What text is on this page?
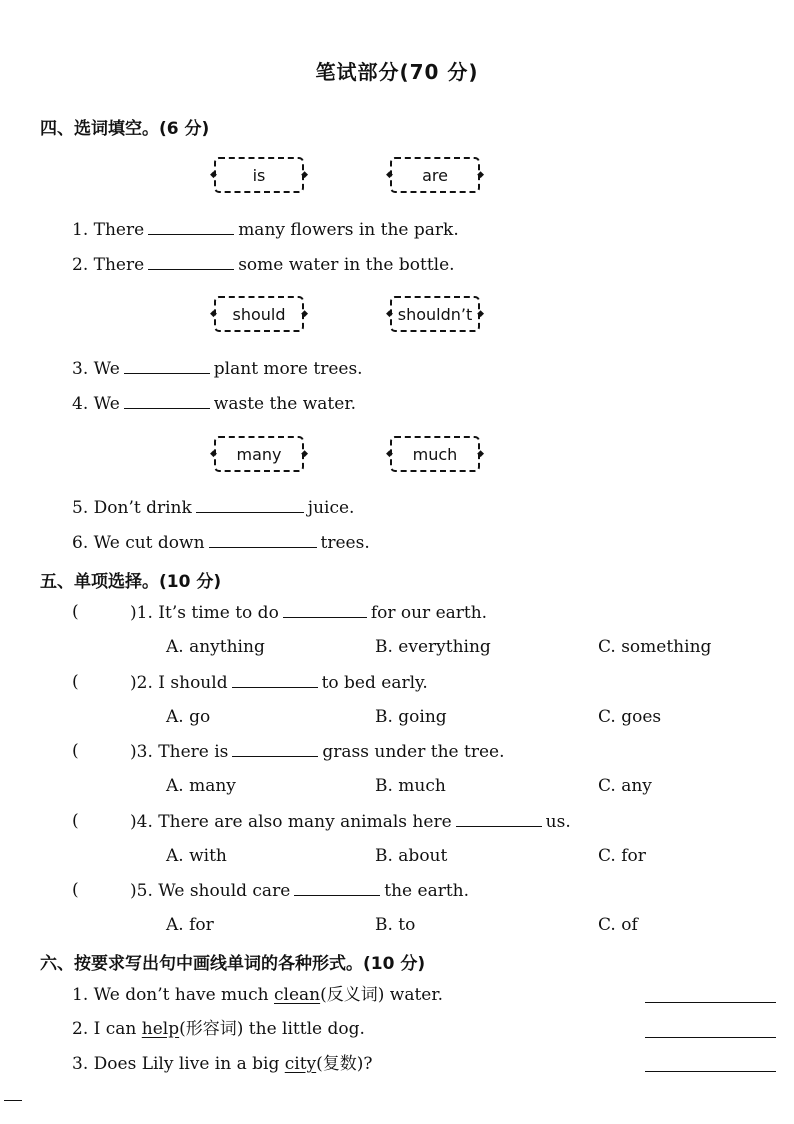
笔试部分(70 分)
四、选词填空。(6 分)
◆ is ◆	◆ are ◆
1. There	many flowers in the park.
2. There	some water in the bottle.
◆ should ◆	◆ shouldn’t ◆
3. We	plant more trees.
4. We	waste the water.
◆ many ◆	◆ much ◆
5. Don’t drink	juice.
6. We cut down	trees.
五、单项选择。(10 分)
(	)1. It’s time to do	for our earth.
A. anything	B. everything	C. something
(	)2. I should	to bed early.
A. go	B. going	C. goes
(	)3. There is	grass under the tree.
A. many	B. much	C. any
(	)4. There are also many animals here	us.
A. with	B. about	C. for
(	)5. We should care	the earth.
A. for	B. to	C. of
六、按要求写出句中画线单词的各种形式。(10 分)
1. We don’t have much clean(反义词) water.
2. I can help(形容词) the little dog.
3. Does Lily live in a big city(复数)?
